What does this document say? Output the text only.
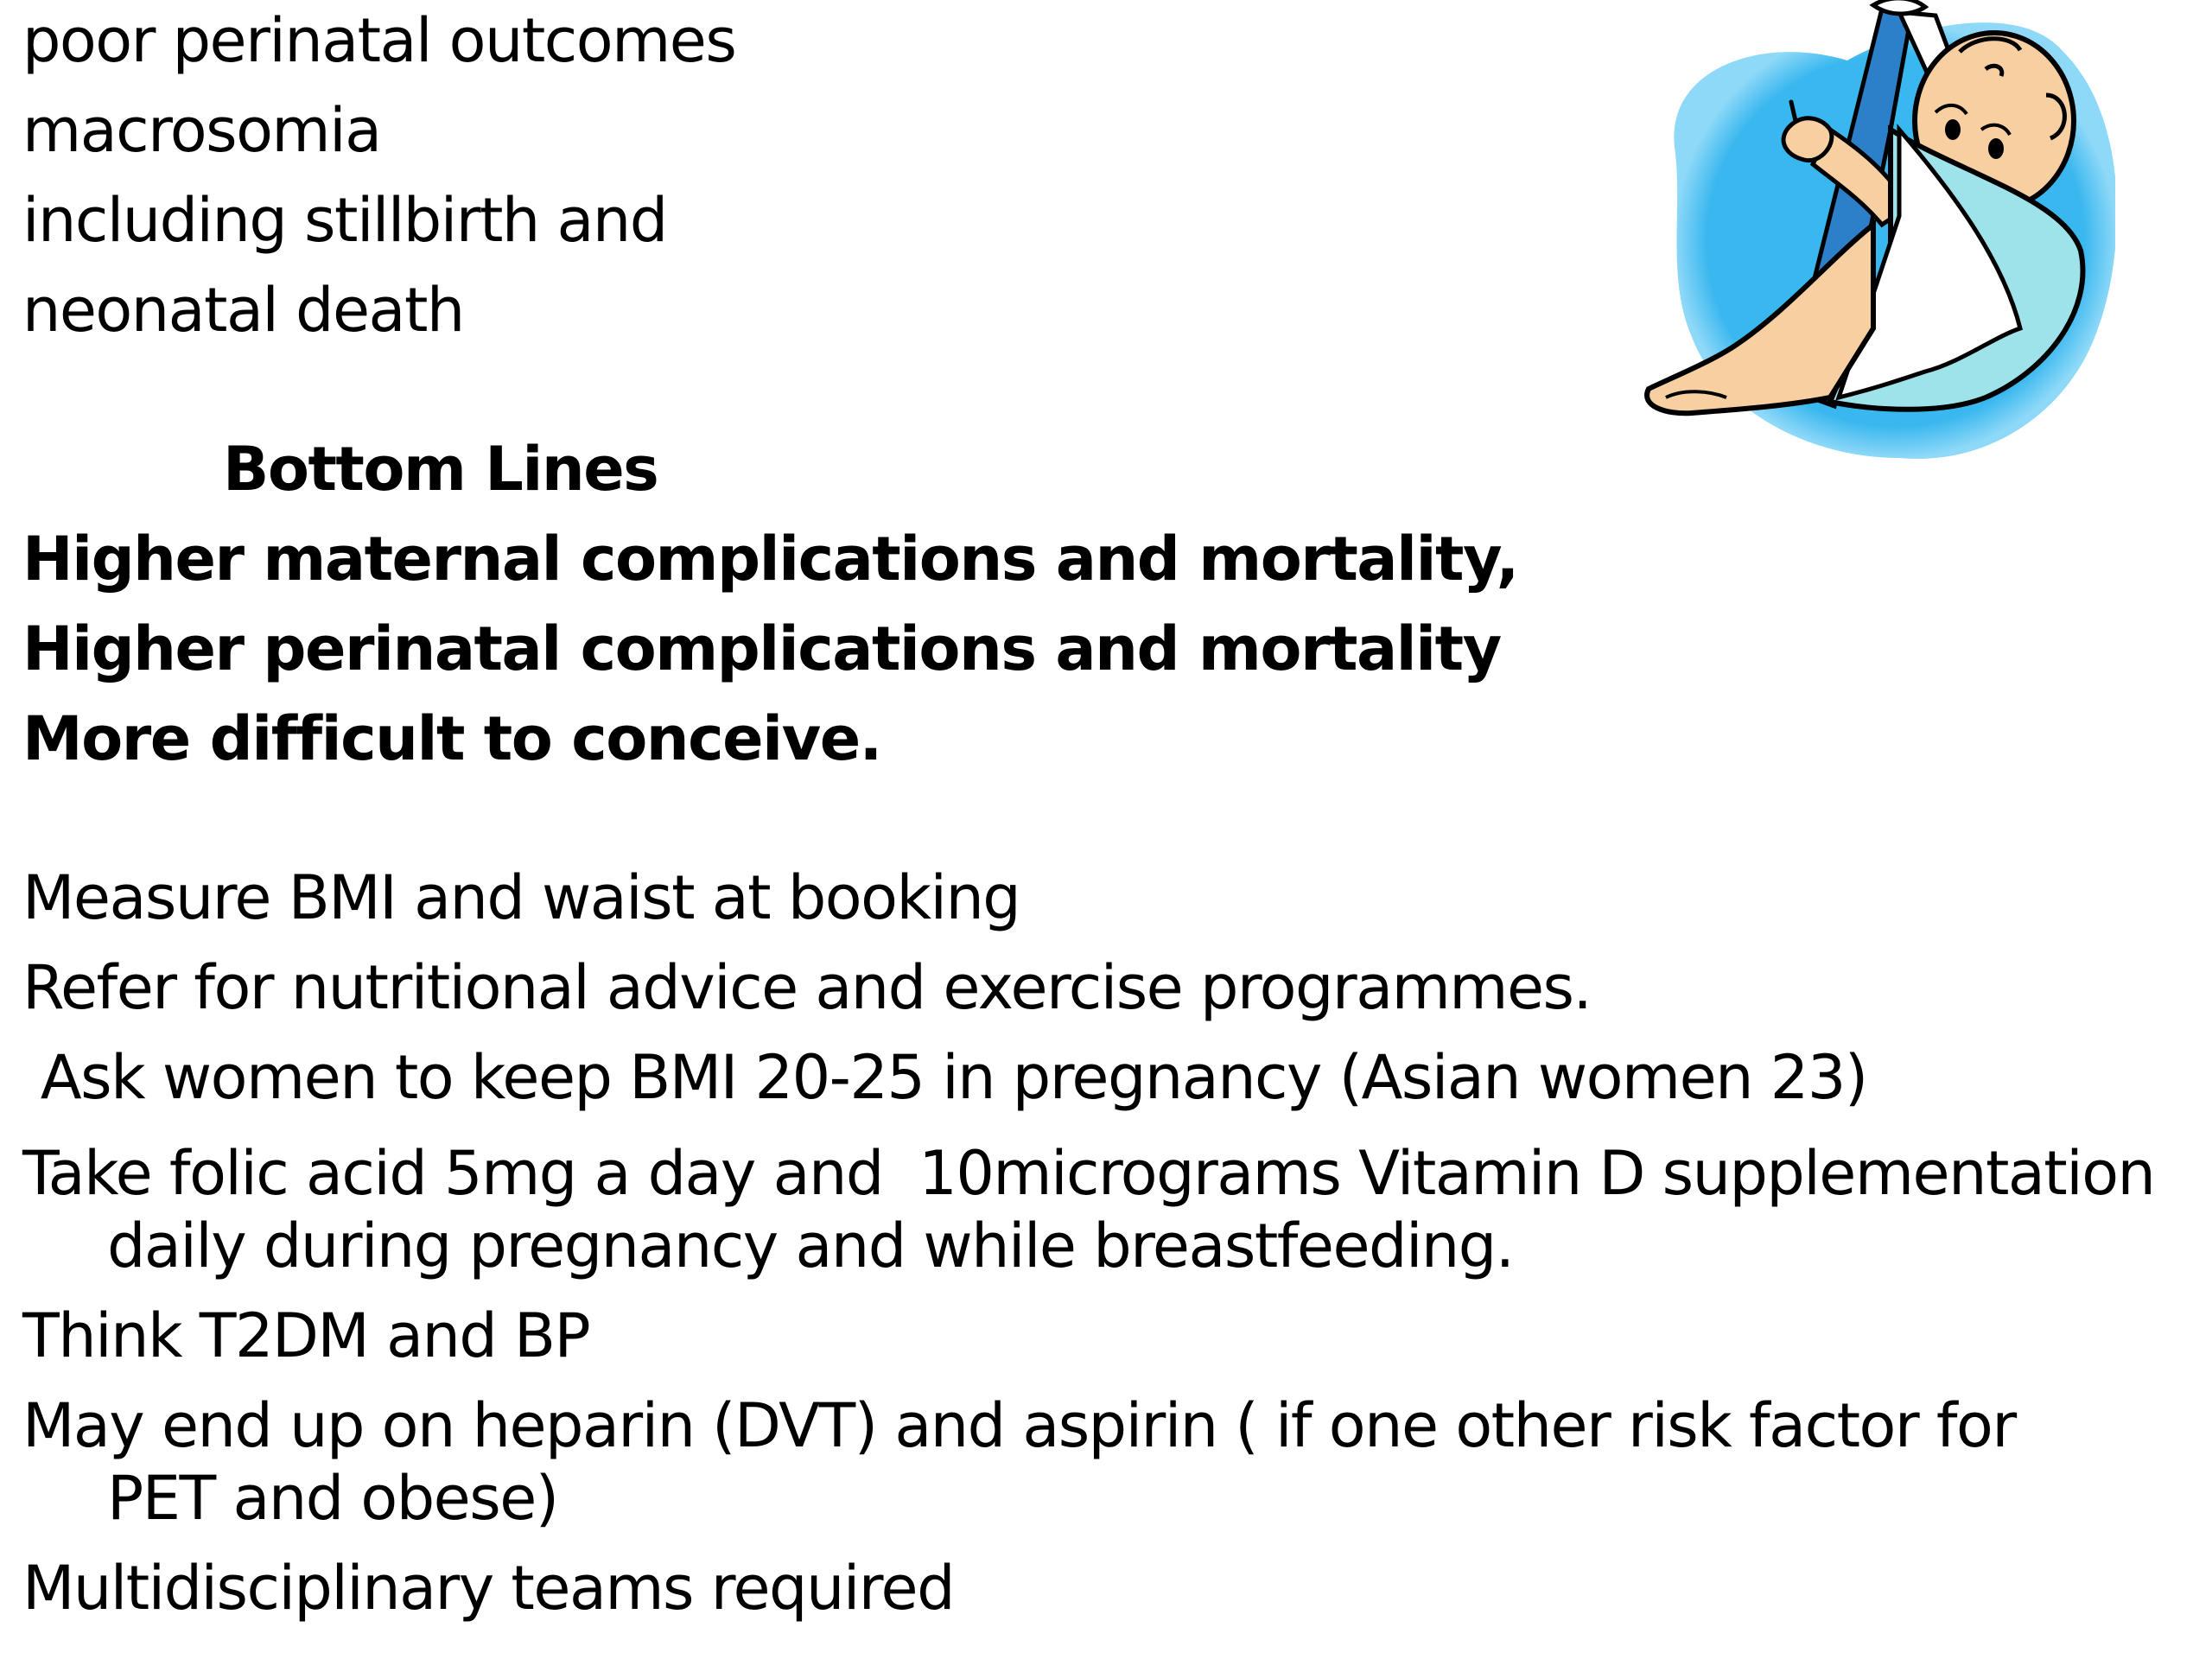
poor perinatal outcomes
macrosomia
including stillbirth and
neonatal death
Bottom Lines
Higher maternal complications and mortality,
Higher perinatal complications and mortality
More difficult to conceive.
Measure BMI and waist at booking
Refer for nutritional advice and exercise programmes.
Ask women to keep BMI 20-25 in pregnancy (Asian women 23)
Take folic acid 5mg a day and  10micrograms Vitamin D supplementation
daily during pregnancy and while breastfeeding.
Think T2DM and BP
May end up on heparin (DVT) and aspirin ( if one other risk factor for
PET and obese)
Multidisciplinary teams required
